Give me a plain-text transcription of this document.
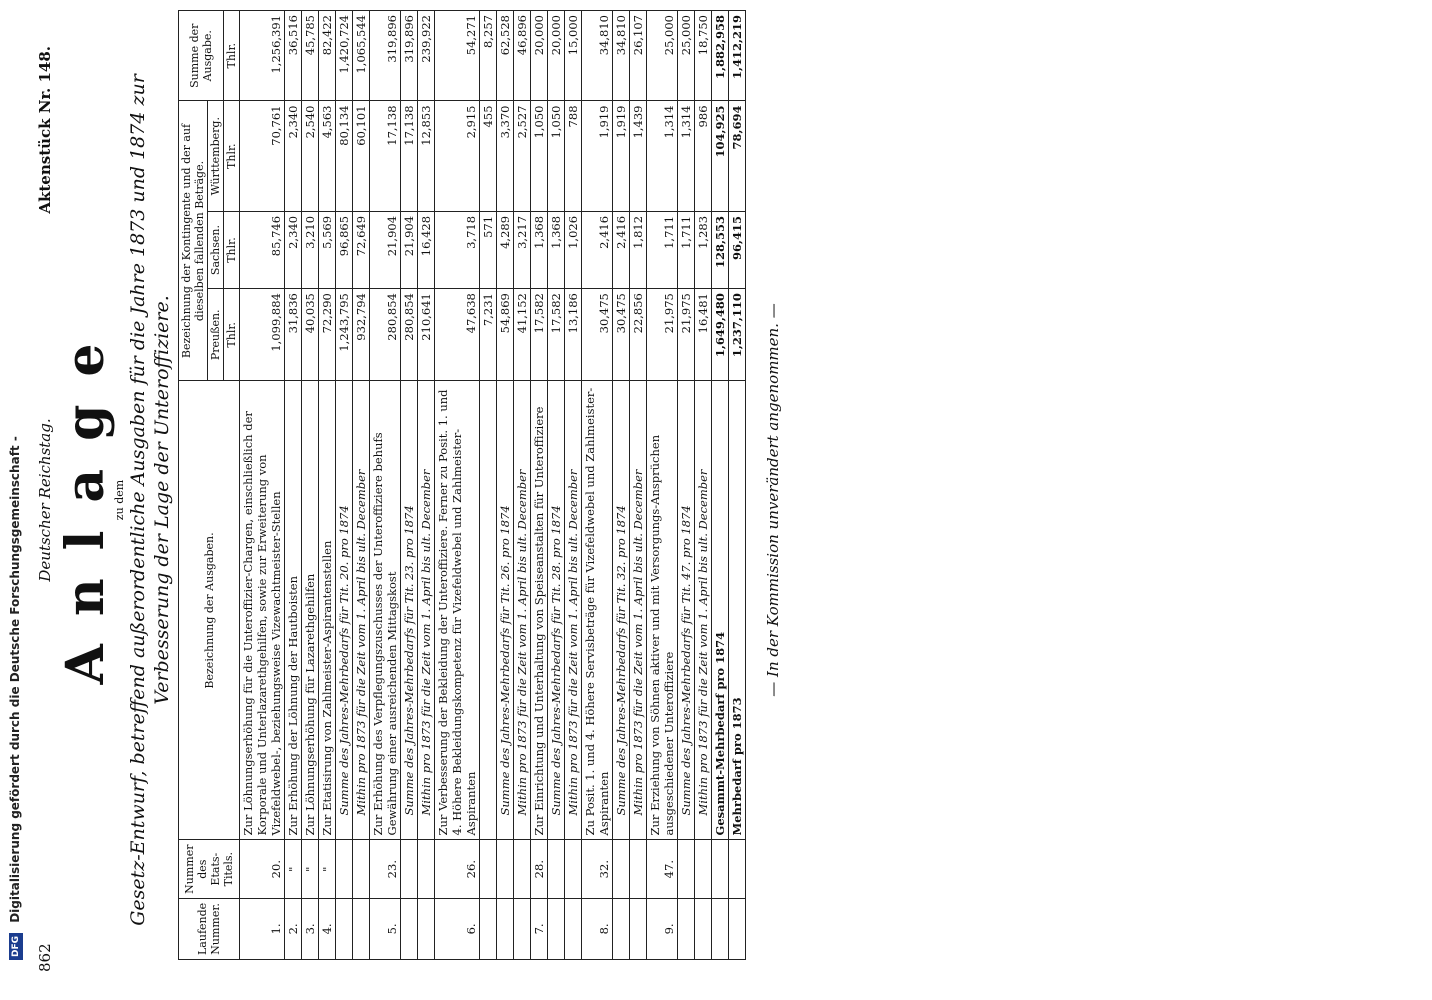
DFG Digitalisierung gefördert durch die Deutsche Forschungsgemeinschaft -
862
Deutscher Reichstag.
Aktenstück Nr. 148.
Anlage
zu dem Gesetz-Entwurf, betreffend außerordentliche Ausgaben für die Jahre 1873 und 1874 zur Verbesserung der Lage der Unteroffiziere.
Laufende Nummer.	Nummer des Etats-Titels.	Bezeichnung der Ausgaben.	Bezeichnung der Kontingente und der auf dieselben fallenden Beträge.			Summe der Ausgabe.
			Preußen.	Sachsen.	Württemberg.	
			Thlr.	Thlr.	Thlr.	Thlr.
1.	20.	Zur Löhnungserhöhung für die Unteroffizier-Chargen, einschließlich der Korporale und Unterlazarethgehilfen, sowie zur Erweiterung von Vizefeldwebel-, beziehungsweise Vizewachtmeister-Stellen	1,099,884	85,746	70,761	1,256,391
2.	"	Zur Erhöhung der Löhnung der Hautboisten	31,836	2,340	2,340	36,516
3.	"	Zur Löhnungserhöhung für Lazarethgehilfen	40,035	3,210	2,540	45,785
4.	"	Zur Etatisirung von Zahlmeister-Aspirantenstellen	72,290	5,569	4,563	82,422
		Summe des Jahres-Mehrbedarfs für Tit. 20. pro 1874	1,243,795	96,865	80,134	1,420,724
		Mithin pro 1873 für die Zeit vom 1. April bis ult. December	932,794	72,649	60,101	1,065,544
5.	23.	Zur Erhöhung des Verpflegungszuschusses der Unteroffiziere behufs Gewährung einer ausreichenden Mittagskost	280,854	21,904	17,138	319,896
		Summe des Jahres-Mehrbedarfs für Tit. 23. pro 1874	280,854	21,904	17,138	319,896
		Mithin pro 1873 für die Zeit vom 1. April bis ult. December	210,641	16,428	12,853	239,922
6.	26.	Zur Verbesserung der Bekleidung der Unteroffiziere. Ferner zu Posit. 1. und 4. Höhere Bekleidungskompetenz für Vizefeldwebel und Zahlmeister-Aspiranten	47,638	3,718	2,915	54,271
			7,231	571	455	8,257
		Summe des Jahres-Mehrbedarfs für Tit. 26. pro 1874	54,869	4,289	3,370	62,528
		Mithin pro 1873 für die Zeit vom 1. April bis ult. December	41,152	3,217	2,527	46,896
7.	28.	Zur Einrichtung und Unterhaltung von Speiseanstalten für Unteroffiziere	17,582	1,368	1,050	20,000
		Summe des Jahres-Mehrbedarfs für Tit. 28. pro 1874	17,582	1,368	1,050	20,000
		Mithin pro 1873 für die Zeit vom 1. April bis ult. December	13,186	1,026	788	15,000
8.	32.	Zu Posit. 1. und 4. Höhere Servisbeträge für Vizefeldwebel und Zahlmeister-Aspiranten	30,475	2,416	1,919	34,810
		Summe des Jahres-Mehrbedarfs für Tit. 32. pro 1874	30,475	2,416	1,919	34,810
		Mithin pro 1873 für die Zeit vom 1. April bis ult. December	22,856	1,812	1,439	26,107
9.	47.	Zur Erziehung von Söhnen aktiver und mit Versorgungs-Ansprüchen ausgeschiedener Unteroffiziere	21,975	1,711	1,314	25,000
		Summe des Jahres-Mehrbedarfs für Tit. 47. pro 1874	21,975	1,711	1,314	25,000
		Mithin pro 1873 für die Zeit vom 1. April bis ult. December	16,481	1,283	986	18,750
		Gesammt-Mehrbedarf pro 1874	1,649,480	128,553	104,925	1,882,958
		Mehrbedarf pro 1873	1,237,110	96,415	78,694	1,412,219
— In der Kommission unverändert angenommen. —
